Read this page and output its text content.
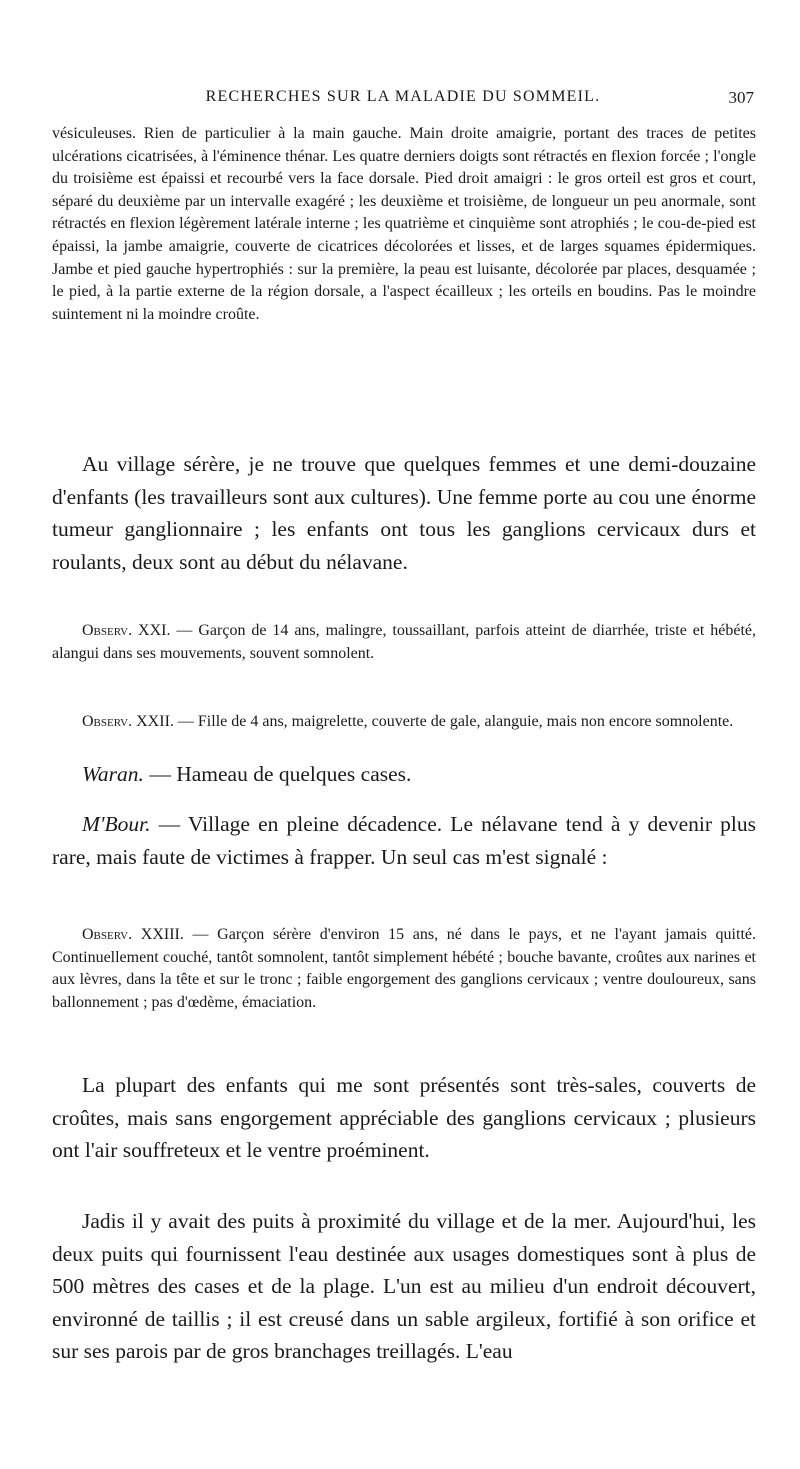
RECHERCHES SUR LA MALADIE DU SOMMEIL.	307

vésiculeuses. Rien de particulier à la main gauche. Main droite amaigrie, portant des traces de petites ulcérations cicatrisées, à l'éminence thénar. Les quatre derniers doigts sont rétractés en flexion forcée ; l'ongle du troisième est épaissi et recourbé vers la face dorsale. Pied droit amaigri : le gros orteil est gros et court, séparé du deuxième par un intervalle exagéré ; les deuxième et troisième, de longueur un peu anormale, sont rétractés en flexion légèrement latérale interne ; les quatrième et cinquième sont atrophiés ; le cou-de-pied est épaissi, la jambe amaigrie, couverte de cicatrices décolorées et lisses, et de larges squames épidermiques. Jambe et pied gauche hypertrophiés : sur la première, la peau est luisante, décolorée par places, desquamée ; le pied, à la partie externe de la région dorsale, a l'aspect écailleux ; les orteils en boudins. Pas le moindre suintement ni la moindre croûte.

Au village sérère, je ne trouve que quelques femmes et une demi-douzaine d'enfants (les travailleurs sont aux cultures). Une femme porte au cou une énorme tumeur ganglionnaire ; les enfants ont tous les ganglions cervicaux durs et roulants, deux sont au début du nélavane.

Observ. XXI. — Garçon de 14 ans, malingre, toussaillant, parfois atteint de diarrhée, triste et hébété, alangui dans ses mouvements, souvent somnolent.

Observ. XXII. — Fille de 4 ans, maigrelette, couverte de gale, alanguie, mais non encore somnolente.

Waran. — Hameau de quelques cases.

M'Bour. — Village en pleine décadence. Le nélavane tend à y devenir plus rare, mais faute de victimes à frapper. Un seul cas m'est signalé :

Observ. XXIII. — Garçon sérère d'environ 15 ans, né dans le pays, et ne l'ayant jamais quitté. Continuellement couché, tantôt somnolent, tantôt simplement hébété ; bouche bavante, croûtes aux narines et aux lèvres, dans la tête et sur le tronc ; faible engorgement des ganglions cervicaux ; ventre douloureux, sans ballonnement ; pas d'œdème, émaciation.

La plupart des enfants qui me sont présentés sont très-sales, couverts de croûtes, mais sans engorgement appréciable des ganglions cervicaux ; plusieurs ont l'air souffreteux et le ventre proéminent.

Jadis il y avait des puits à proximité du village et de la mer. Aujourd'hui, les deux puits qui fournissent l'eau destinée aux usages domestiques sont à plus de 500 mètres des cases et de la plage. L'un est au milieu d'un endroit découvert, environné de taillis ; il est creusé dans un sable argileux, fortifié à son orifice et sur ses parois par de gros branchages treillagés. L'eau
